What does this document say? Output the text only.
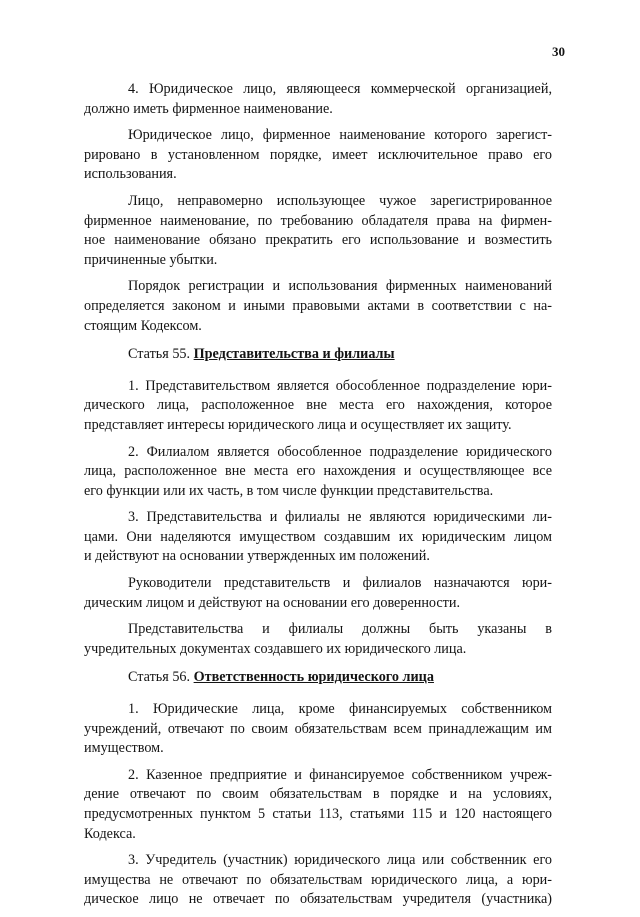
30
4. Юридическое лицо, являющееся коммерческой организацией,
должно иметь фирменное наименование.
Юридическое лицо, фирменное наименование которого зарегист-
рировано в установленном порядке, имеет исключительное право его
использования.
Лицо, неправомерно использующее чужое зарегистрированное
фирменное наименование, по требованию обладателя права на фирмен-
ное наименование обязано прекратить его использование и возместить
причиненные убытки.
Порядок регистрации и использования фирменных наименований
определяется законом и иными правовыми актами в соответствии с на-
стоящим Кодексом.
Статья 55. Представительства и филиалы
1. Представительством является обособленное подразделение юри-
дического лица, расположенное вне места его нахождения, которое
представляет интересы юридического лица и осуществляет их защиту.
2. Филиалом является обособленное подразделение юридического
лица, расположенное вне места его нахождения и осуществляющее все
его функции или их часть, в том числе функции представительства.
3. Представительства и филиалы не являются юридическими ли-
цами. Они наделяются имуществом создавшим их юридическим лицом
и действуют на основании утвержденных им положений.
Руководители представительств и филиалов назначаются юри-
дическим лицом и действуют на основании его доверенности.
Представительства и филиалы должны быть указаны в
учредительных документах создавшего их юридического лица.
Статья 56. Ответственность юридического лица
1. Юридические лица, кроме финансируемых собственником
учреждений, отвечают по своим обязательствам всем принадлежащим им
имуществом.
2. Казенное предприятие и финансируемое собственником учреж-
дение отвечают по своим обязательствам в порядке и на условиях,
предусмотренных пунктом 5 статьи 113, статьями 115 и 120 настоящего
Кодекса.
3. Учредитель (участник) юридического лица или собственник его
имущества не отвечают по обязательствам юридического лица, а юри-
дическое лицо не отвечает по обязательствам учредителя (участника)
